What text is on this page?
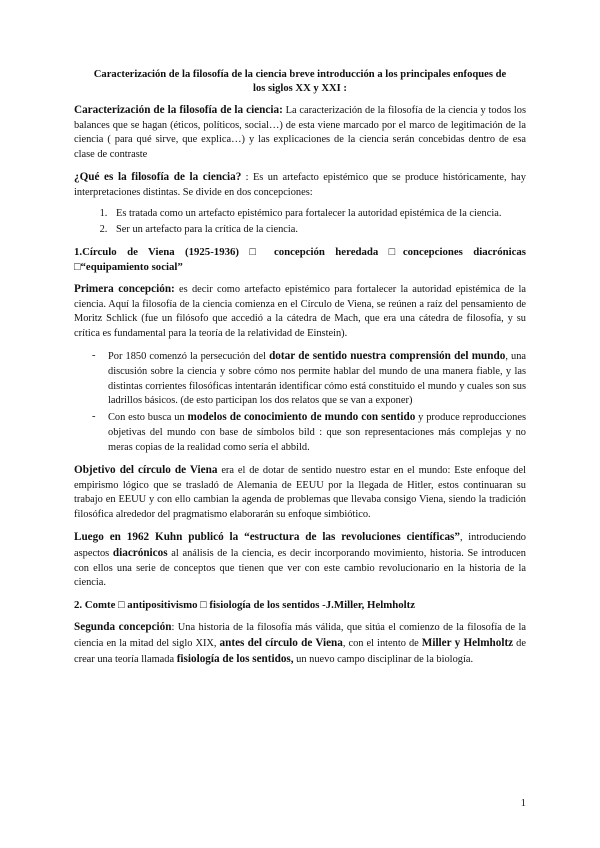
Caracterización de la filosofía de la ciencia breve introducción a los principales enfoques de los siglos XX y XXI :

Caracterización de la filosofía de la ciencia: La caracterización de la filosofía de la ciencia y todos los balances que se hagan (éticos, políticos, social…) de esta viene marcado por el marco de legitimación de la ciencia ( para qué sirve, que explica…) y las explicaciones de la ciencia serán concebidas dentro de esa clase de contraste

¿Qué es la filosofía de la ciencia? : Es un artefacto epistémico que se produce históricamente, hay interpretaciones distintas. Se divide en dos concepciones:

1. Es tratada como un artefacto epistémico para fortalecer la autoridad epistémica de la ciencia.
2. Ser un artefacto para la crítica de la ciencia.
1.Círculo de Viena (1925-1936) □ concepción heredada □concepciones diacrónicas □“equipamiento social”

Primera concepción: es decir como artefacto epistémico para fortalecer la autoridad epistémica de la ciencia. Aquí la filosofía de la ciencia comienza en el Círculo de Viena, se reúnen a raíz del pensamiento de Moritz Schlick (fue un filósofo que accedió a la cátedra de Mach, que era una cátedra de filosofía, y su crítica es fundamental para la teoría de la relatividad de Einstein).

- Por 1850 comenzó la persecución del dotar de sentido nuestra comprensión del mundo, una discusión sobre la ciencia y sobre cómo nos permite hablar del mundo de una manera fiable, y las distintas corrientes filosóficas intentarán identificar cómo está constituido el mundo y cuales son sus ladrillos básicos. (de esto participan los dos relatos que se van a exponer)
- Con esto busca un modelos de conocimiento de mundo con sentido y produce reproducciones objetivas del mundo con base de símbolos bild : que son representaciones más complejas y no meras copias de la realidad como sería el abbild.

Objetivo del círculo de Viena era el de dotar de sentido nuestro estar en el mundo: Este enfoque del empirismo lógico que se trasladó de Alemania de EEUU por la llegada de Hitler, estos continuaran su trabajo en EEUU y con ello cambian la agenda de problemas que llevaba consigo Viena, siendo la tradición filosófica alrededor del pragmatismo elaborarán su enfoque simbiótico.

Luego en 1962 Kuhn publicó la “estructura de las revoluciones científicas”, introduciendo aspectos diacrónicos al análisis de la ciencia, es decir incorporando movimiento, historia. Se introducen con ellos una serie de conceptos que tienen que ver con este cambio revolucionario en la historia de la ciencia.

2. Comte □ antipositivismo □ fisiología de los sentidos -J.Miller, Helmholtz

Segunda concepción: Una historia de la filosofía más válida, que sitúa el comienzo de la filosofía de la ciencia en la mitad del siglo XIX, antes del círculo de Viena, con el intento de Miller y Helmholtz de crear una teoría llamada fisiología de los sentidos, un nuevo campo disciplinar de la biología.

1
